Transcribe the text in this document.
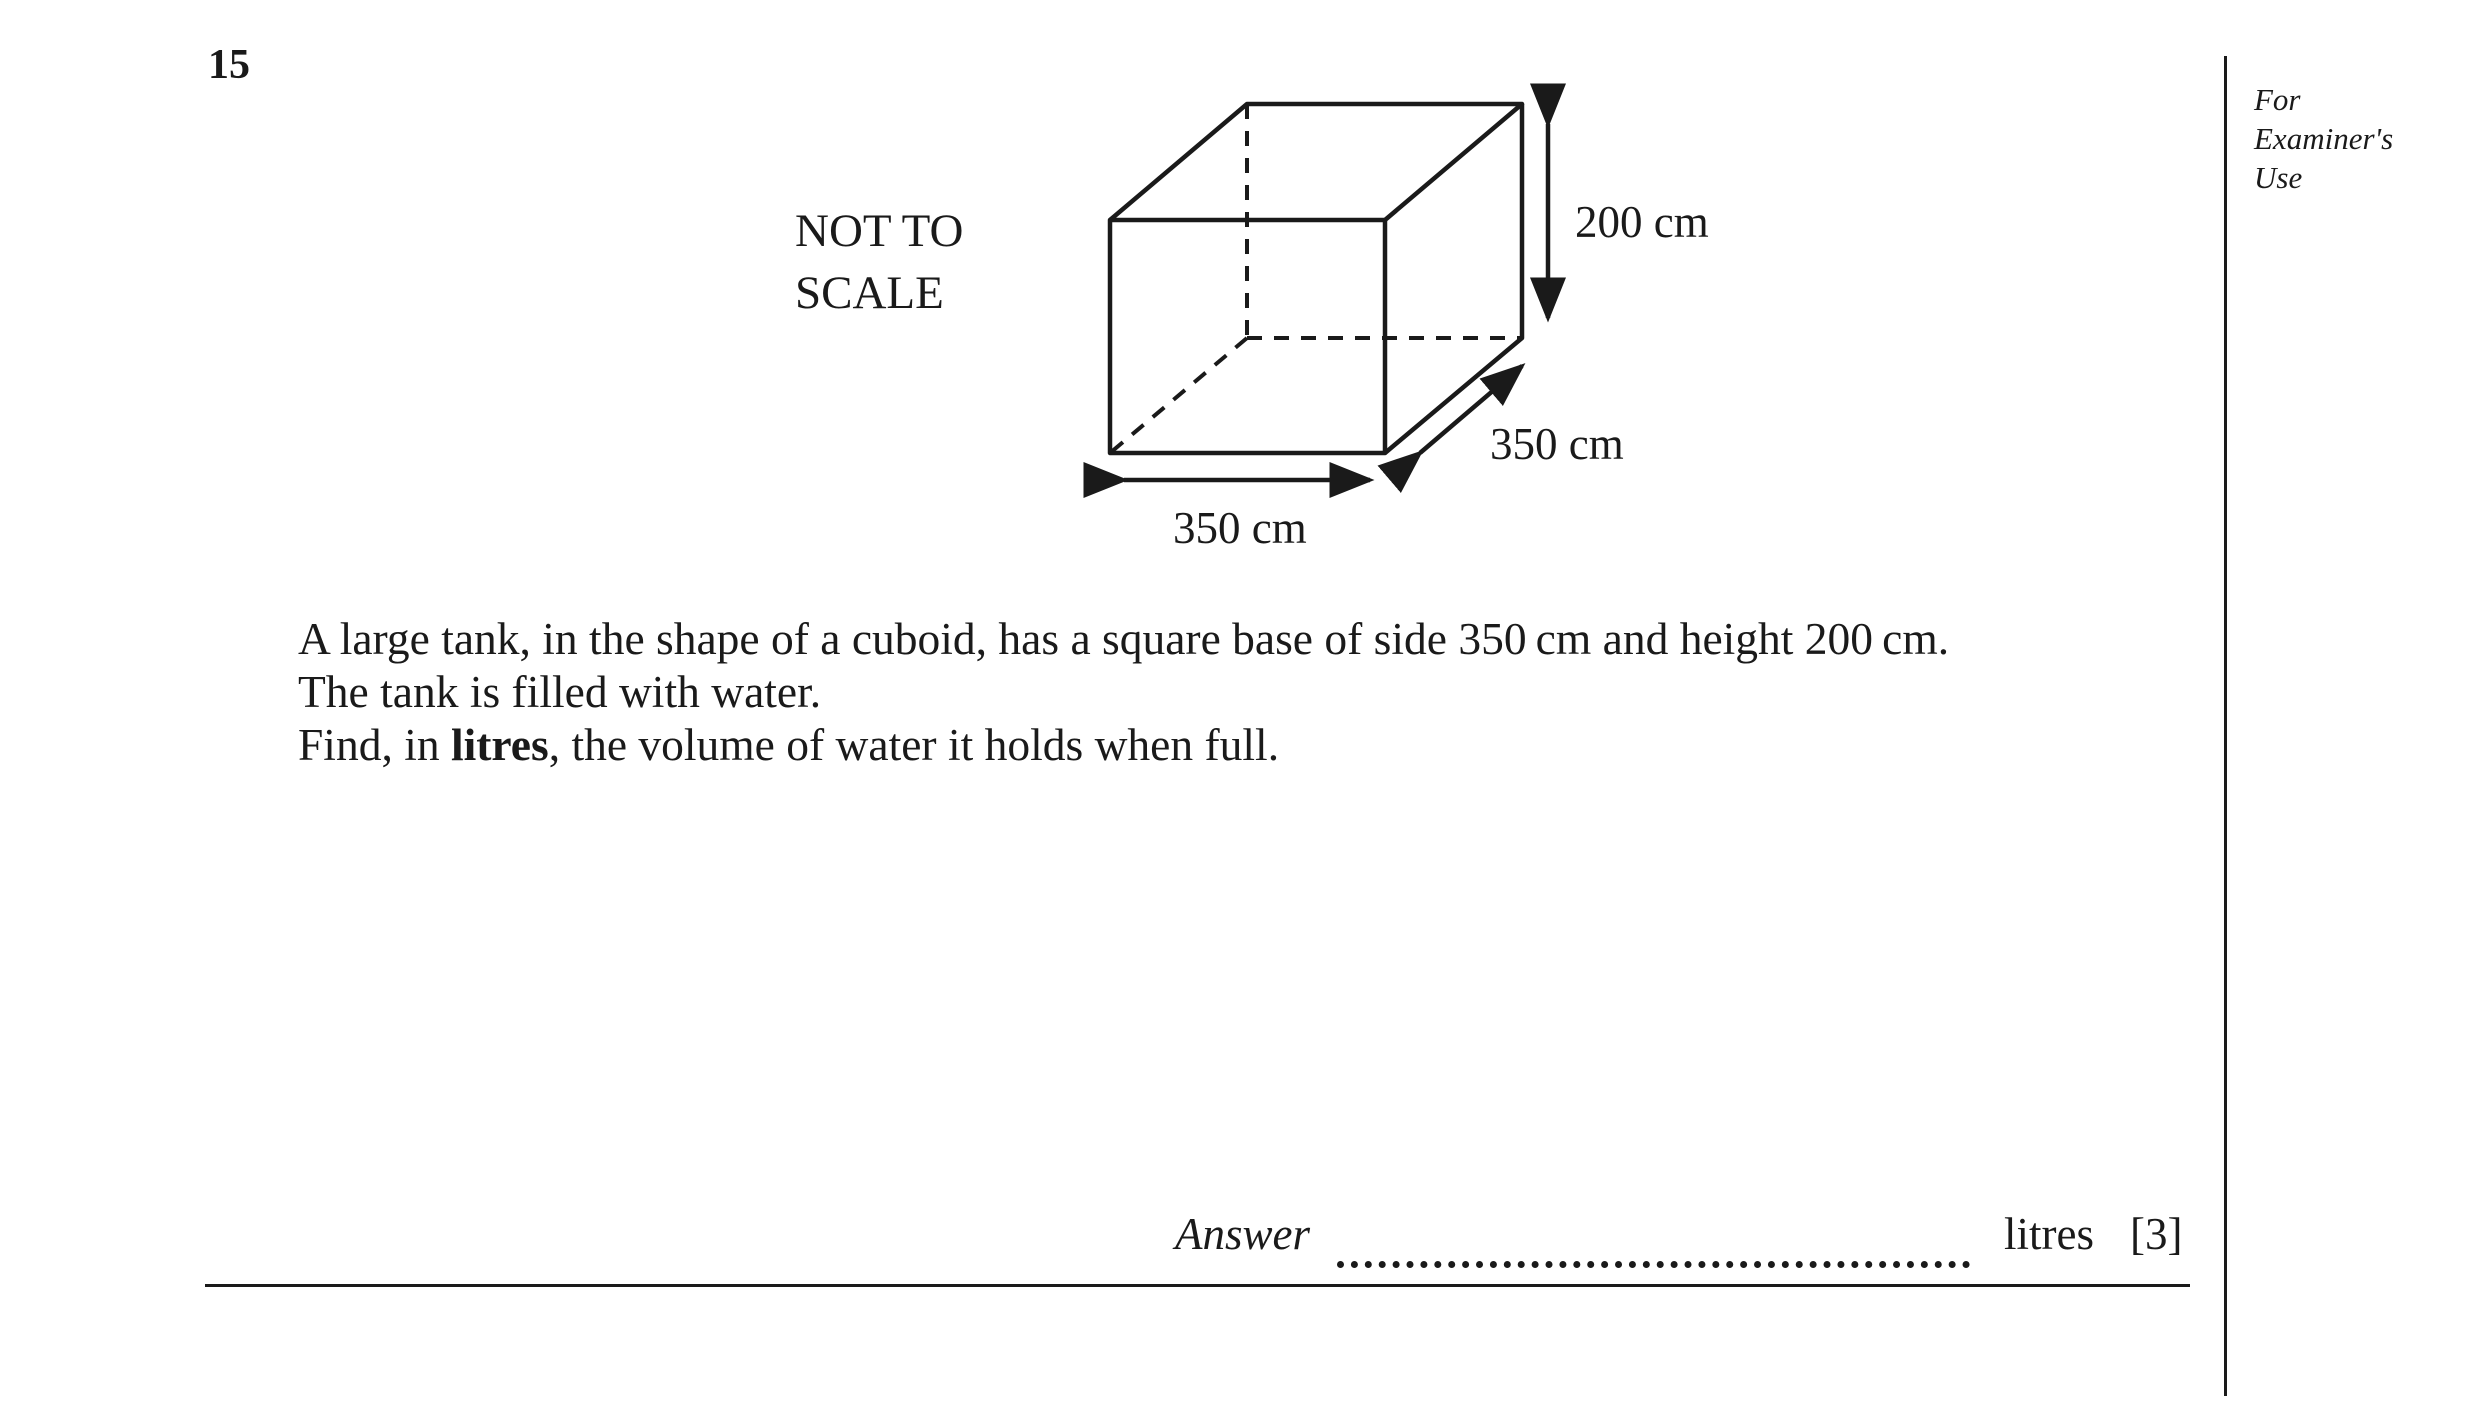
15
For
Examiner's
Use
NOT TO
SCALE
200 cm
350 cm
350 cm

A large tank, in the shape of a cuboid, has a square base of side 350 cm and height 200 cm.

The tank is filled with water.

Find, in litres, the volume of water it holds when full.

Answer	litres [3]
